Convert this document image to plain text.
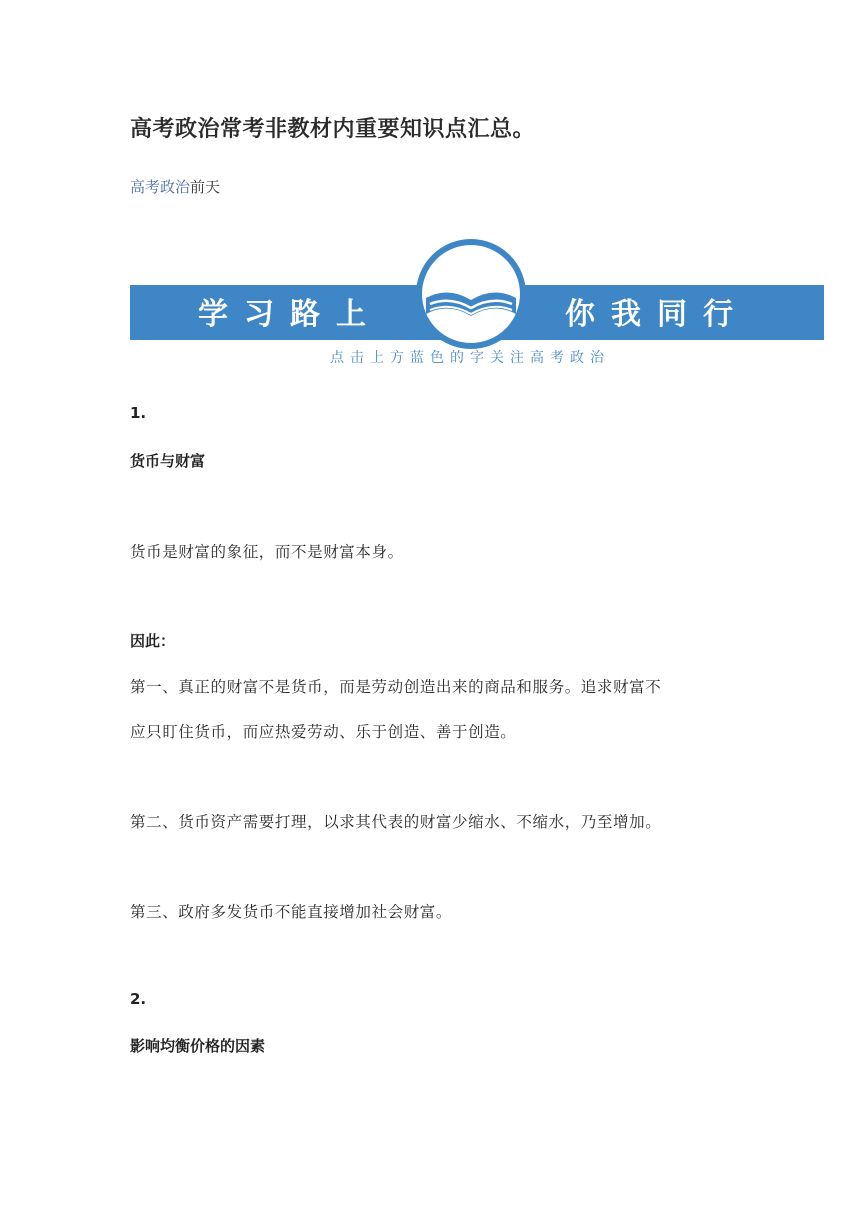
高考政治常考非教材内重要知识点汇总。
高考政治前天
学习路上	你我同行
点击上方蓝色的字关注高考政治
1.
货币与财富
货币是财富的象征，而不是财富本身。
因此：
第一、真正的财富不是货币，而是劳动创造出来的商品和服务。追求财富不
应只盯住货币，而应热爱劳动、乐于创造、善于创造。
第二、货币资产需要打理，以求其代表的财富少缩水、不缩水，乃至增加。
第三、政府多发货币不能直接增加社会财富。
2.
影响均衡价格的因素
